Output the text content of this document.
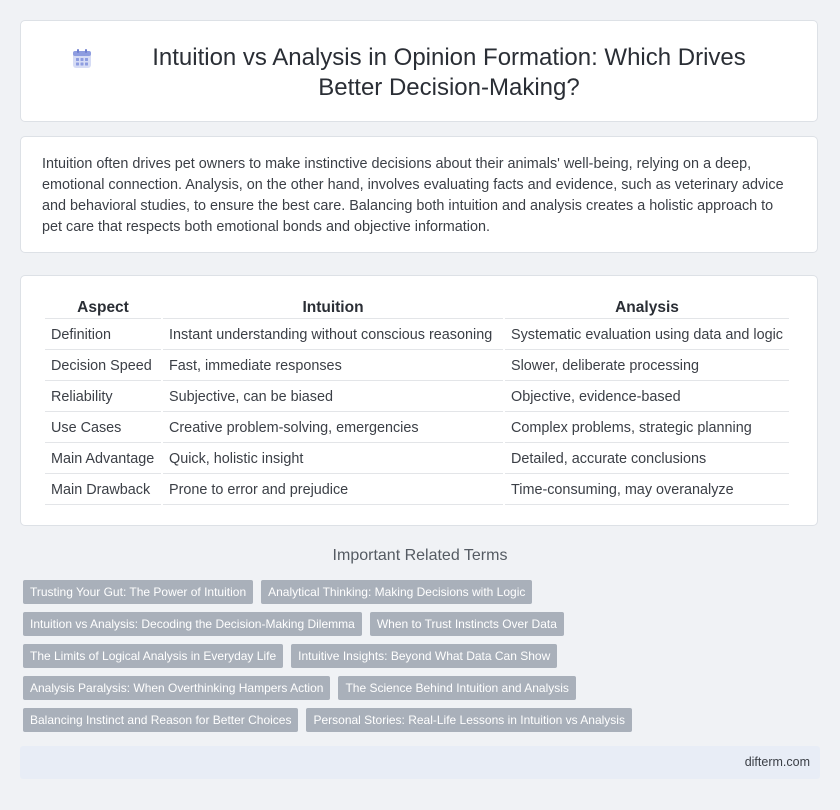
Intuition vs Analysis in Opinion Formation: Which Drives Better Decision-Making?

Intuition often drives pet owners to make instinctive decisions about their animals' well-being, relying on a deep, emotional connection. Analysis, on the other hand, involves evaluating facts and evidence, such as veterinary advice and behavioral studies, to ensure the best care. Balancing both intuition and analysis creates a holistic approach to pet care that respects both emotional bonds and objective information.

Aspect	Intuition	Analysis
Definition	Instant understanding without conscious reasoning	Systematic evaluation using data and logic
Decision Speed	Fast, immediate responses	Slower, deliberate processing
Reliability	Subjective, can be biased	Objective, evidence-based
Use Cases	Creative problem-solving, emergencies	Complex problems, strategic planning
Main Advantage	Quick, holistic insight	Detailed, accurate conclusions
Main Drawback	Prone to error and prejudice	Time-consuming, may overanalyze
Important Related Terms
Trusting Your Gut: The Power of Intuition	Analytical Thinking: Making Decisions with Logic
Intuition vs Analysis: Decoding the Decision-Making Dilemma	When to Trust Instincts Over Data
The Limits of Logical Analysis in Everyday Life	Intuitive Insights: Beyond What Data Can Show
Analysis Paralysis: When Overthinking Hampers Action	The Science Behind Intuition and Analysis
Balancing Instinct and Reason for Better Choices	Personal Stories: Real-Life Lessons in Intuition vs Analysis
difterm.com
